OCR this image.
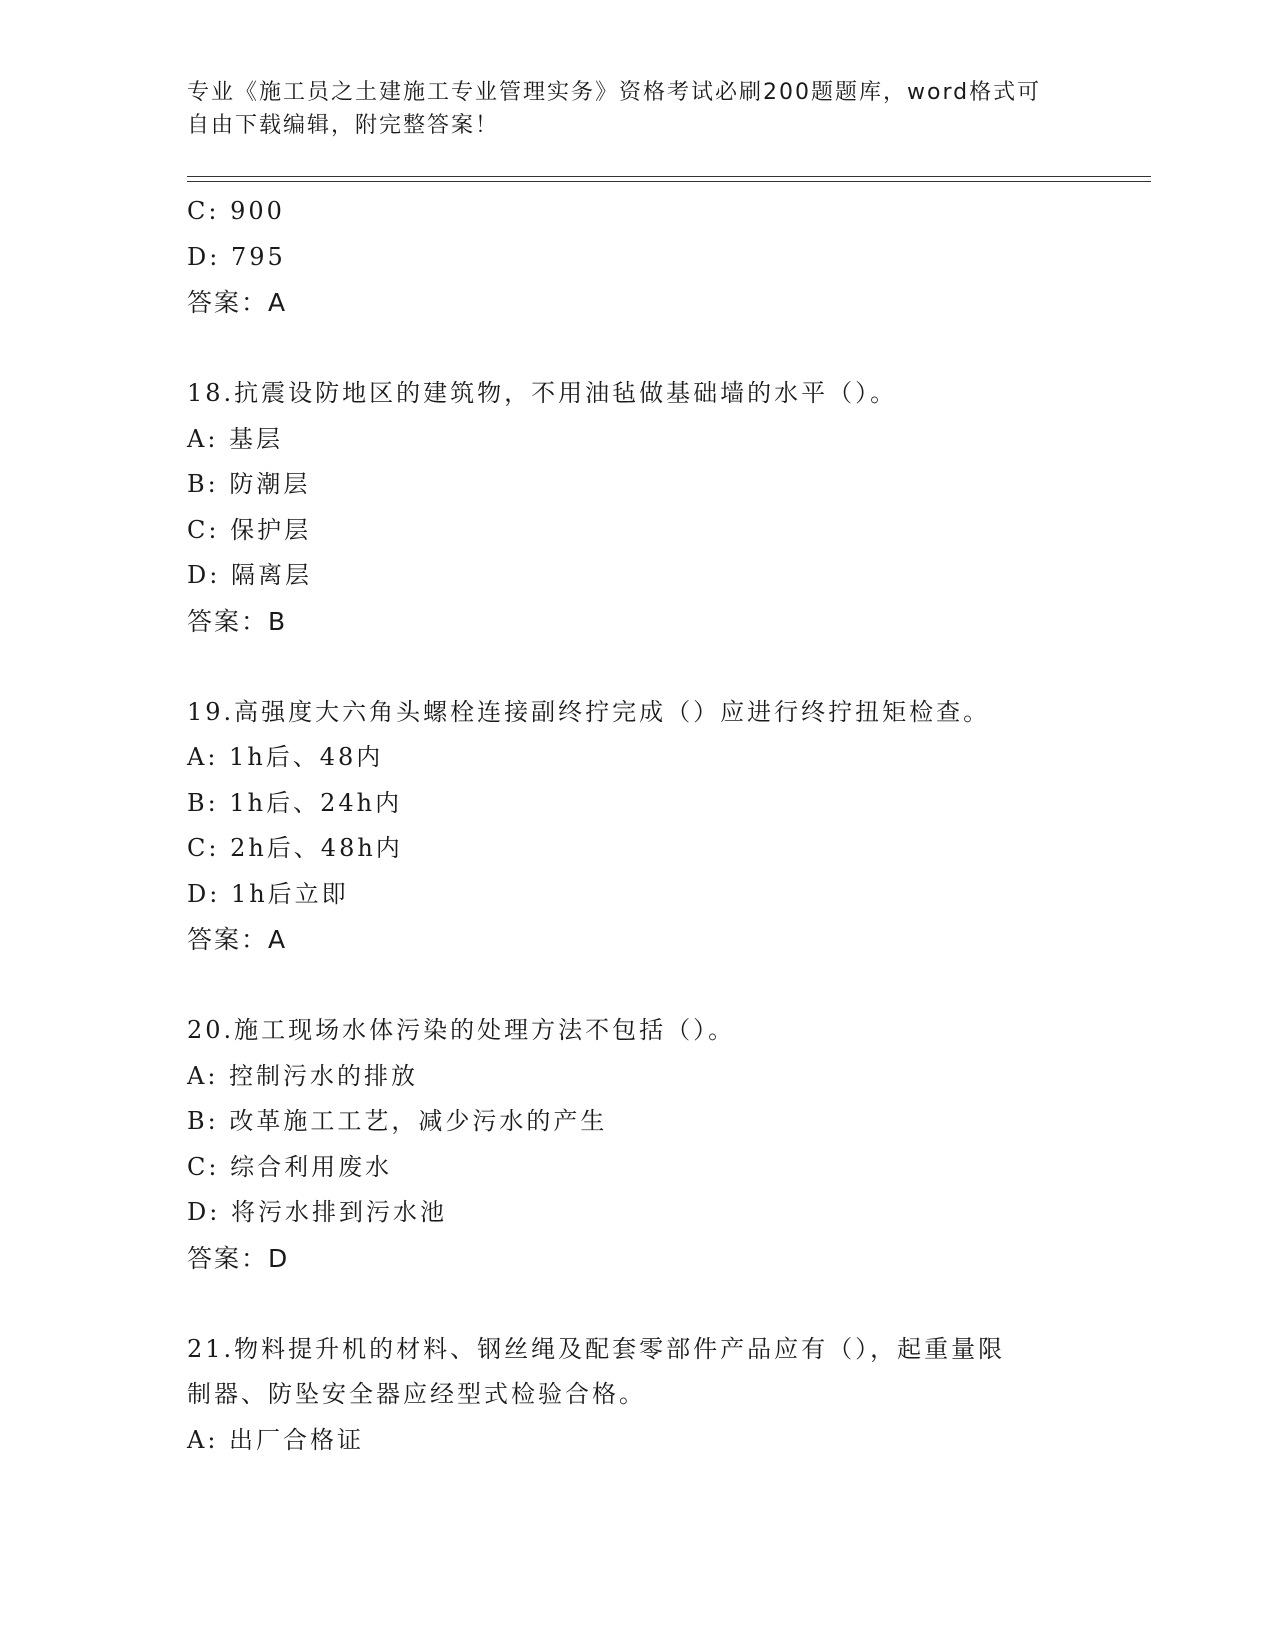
专业《施工员之土建施工专业管理实务》资格考试必刷200题题库，word格式可
自由下载编辑，附完整答案！
C: 900
D: 795
答案：A
18.抗震设防地区的建筑物，不用油毡做基础墙的水平（）。
A: 基层
B: 防潮层
C: 保护层
D: 隔离层
答案：B
19.高强度大六角头螺栓连接副终拧完成（）应进行终拧扭矩检查。
A: 1h后、48内
B: 1h后、24h内
C: 2h后、48h内
D: 1h后立即
答案：A
20.施工现场水体污染的处理方法不包括（）。
A: 控制污水的排放
B: 改革施工工艺，减少污水的产生
C: 综合利用废水
D: 将污水排到污水池
答案：D
21.物料提升机的材料、钢丝绳及配套零部件产品应有（），起重量限
制器、防坠安全器应经型式检验合格。
A: 出厂合格证
